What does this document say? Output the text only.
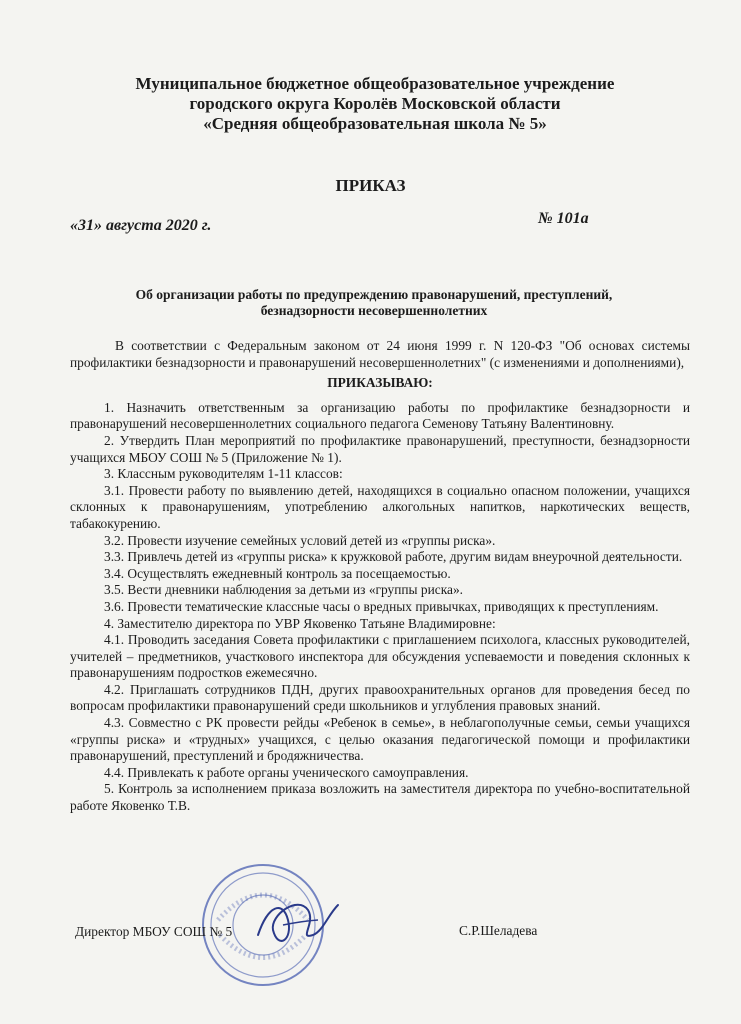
Муниципальное бюджетное общеобразовательное учреждение
городского округа Королёв Московской области
«Средняя общеобразовательная школа № 5»
ПРИКАЗ
«31» августа 2020 г.	№ 101а
Об организации работы по предупреждению правонарушений, преступлений,
безнадзорности несовершеннолетних

В соответствии с Федеральным законом от 24 июня 1999 г. N 120-ФЗ "Об основах системы профилактики безнадзорности и правонарушений несовершеннолетних" (с изменениями и дополнениями),

ПРИКАЗЫВАЮ:

1. Назначить ответственным за организацию работы по профилактике безнадзорности и правонарушений несовершеннолетних социального педагога Семенову Татьяну Валентиновну.

2. Утвердить План мероприятий по профилактике правонарушений, преступности, безнадзорности учащихся МБОУ СОШ № 5 (Приложение № 1).

3. Классным руководителям 1-11 классов:

3.1. Провести работу по выявлению детей, находящихся в социально опасном положении, учащихся склонных к правонарушениям, употреблению алкогольных напитков, наркотических веществ, табакокурению.

3.2. Провести изучение семейных условий детей из «группы риска».

3.3. Привлечь детей из «группы риска» к кружковой работе, другим видам внеурочной деятельности.

3.4. Осуществлять ежедневный контроль за посещаемостью.

3.5. Вести дневники наблюдения за детьми из «группы риска».

3.6. Провести тематические классные часы о вредных привычках, приводящих к преступлениям.

4. Заместителю директора по УВР Яковенко Татьяне Владимировне:

4.1. Проводить заседания Совета профилактики с приглашением психолога, классных руководителей, учителей – предметников, участкового инспектора для обсуждения успеваемости и поведения склонных к правонарушениям подростков ежемесячно.

4.2. Приглашать сотрудников ПДН, других правоохранительных органов для проведения бесед по вопросам профилактики правонарушений среди школьников и углубления правовых знаний.

4.3. Совместно с РК провести рейды «Ребенок в семье», в неблагополучные семьи, семьи учащихся «группы риска» и «трудных» учащихся, с целью оказания педагогической помощи и профилактики правонарушений, преступлений и бродяжничества.

4.4. Привлекать к работе органы ученического самоуправления.

5. Контроль за исполнением приказа возложить на заместителя директора по учебно-воспитательной работе Яковенко Т.В.

Директор МБОУ СОШ № 5	С.Р.Шеладева
